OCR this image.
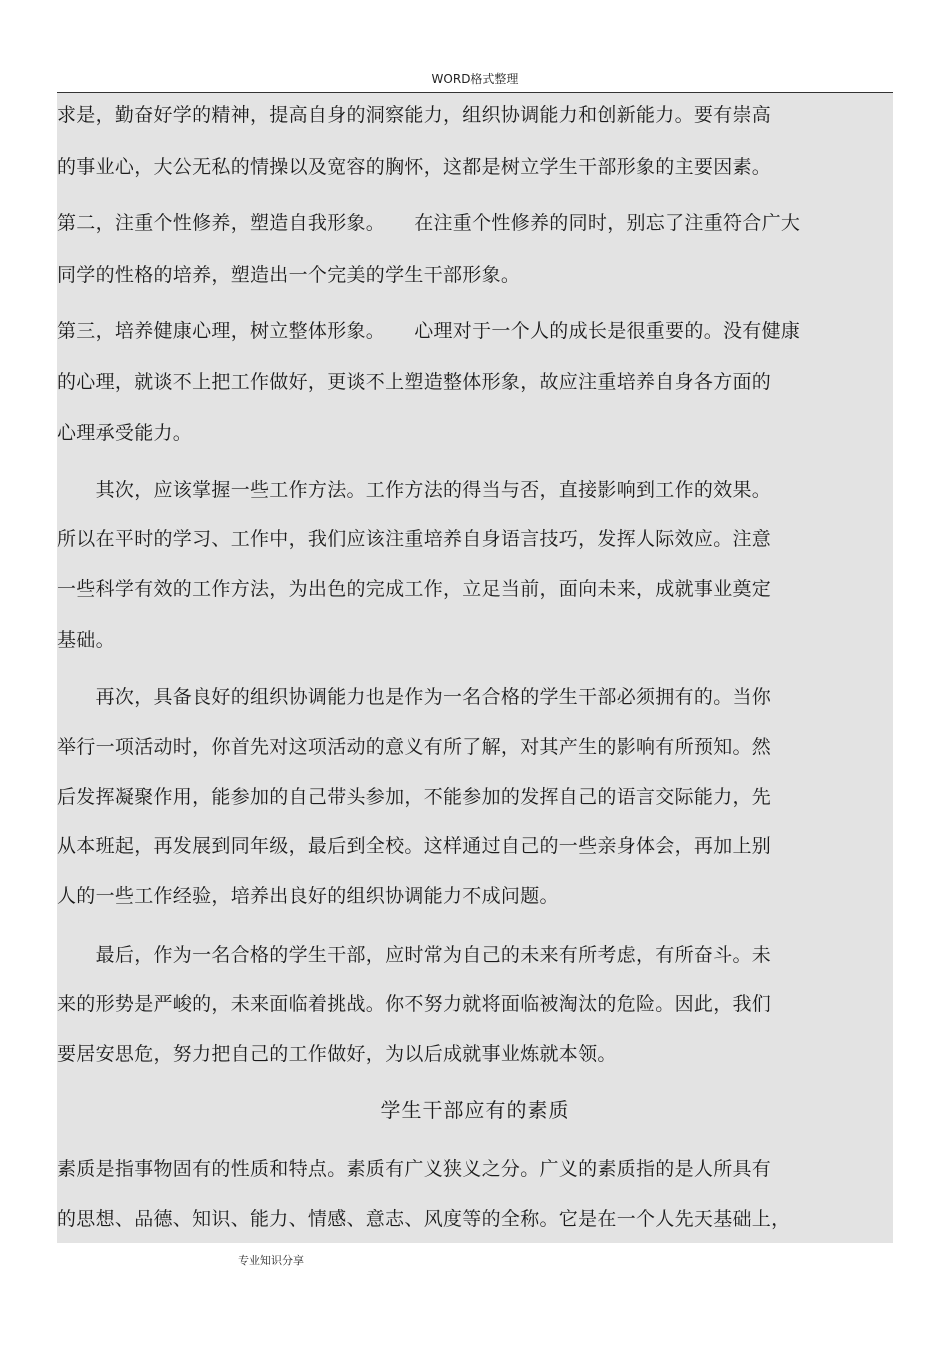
WORD格式整理
求是，勤奋好学的精神，提高自身的洞察能力，组织协调能力和创新能力。要有崇高
的事业心，大公无私的情操以及宽容的胸怀，这都是树立学生干部形象的主要因素。
第二，注重个性修养，塑造自我形象。　　在注重个性修养的同时，别忘了注重符合广大
同学的性格的培养，塑造出一个完美的学生干部形象。
第三，培养健康心理，树立整体形象。　　心理对于一个人的成长是很重要的。没有健康
的心理，就谈不上把工作做好，更谈不上塑造整体形象，故应注重培养自身各方面的
心理承受能力。
　　其次，应该掌握一些工作方法。工作方法的得当与否，直接影响到工作的效果。
所以在平时的学习、工作中，我们应该注重培养自身语言技巧，发挥人际效应。注意
一些科学有效的工作方法，为出色的完成工作，立足当前，面向未来，成就事业奠定
基础。
　　再次，具备良好的组织协调能力也是作为一名合格的学生干部必须拥有的。当你
举行一项活动时，你首先对这项活动的意义有所了解，对其产生的影响有所预知。然
后发挥凝聚作用，能参加的自己带头参加，不能参加的发挥自己的语言交际能力，先
从本班起，再发展到同年级，最后到全校。这样通过自己的一些亲身体会，再加上别
人的一些工作经验，培养出良好的组织协调能力不成问题。
　　最后，作为一名合格的学生干部，应时常为自己的未来有所考虑，有所奋斗。未
来的形势是严峻的，未来面临着挑战。你不努力就将面临被淘汰的危险。因此，我们
要居安思危，努力把自己的工作做好，为以后成就事业炼就本领。
学生干部应有的素质
素质是指事物固有的性质和特点。素质有广义狭义之分。广义的素质指的是人所具有
的思想、品德、知识、能力、情感、意志、风度等的全称。它是在一个人先天基础上，
专业知识分享
